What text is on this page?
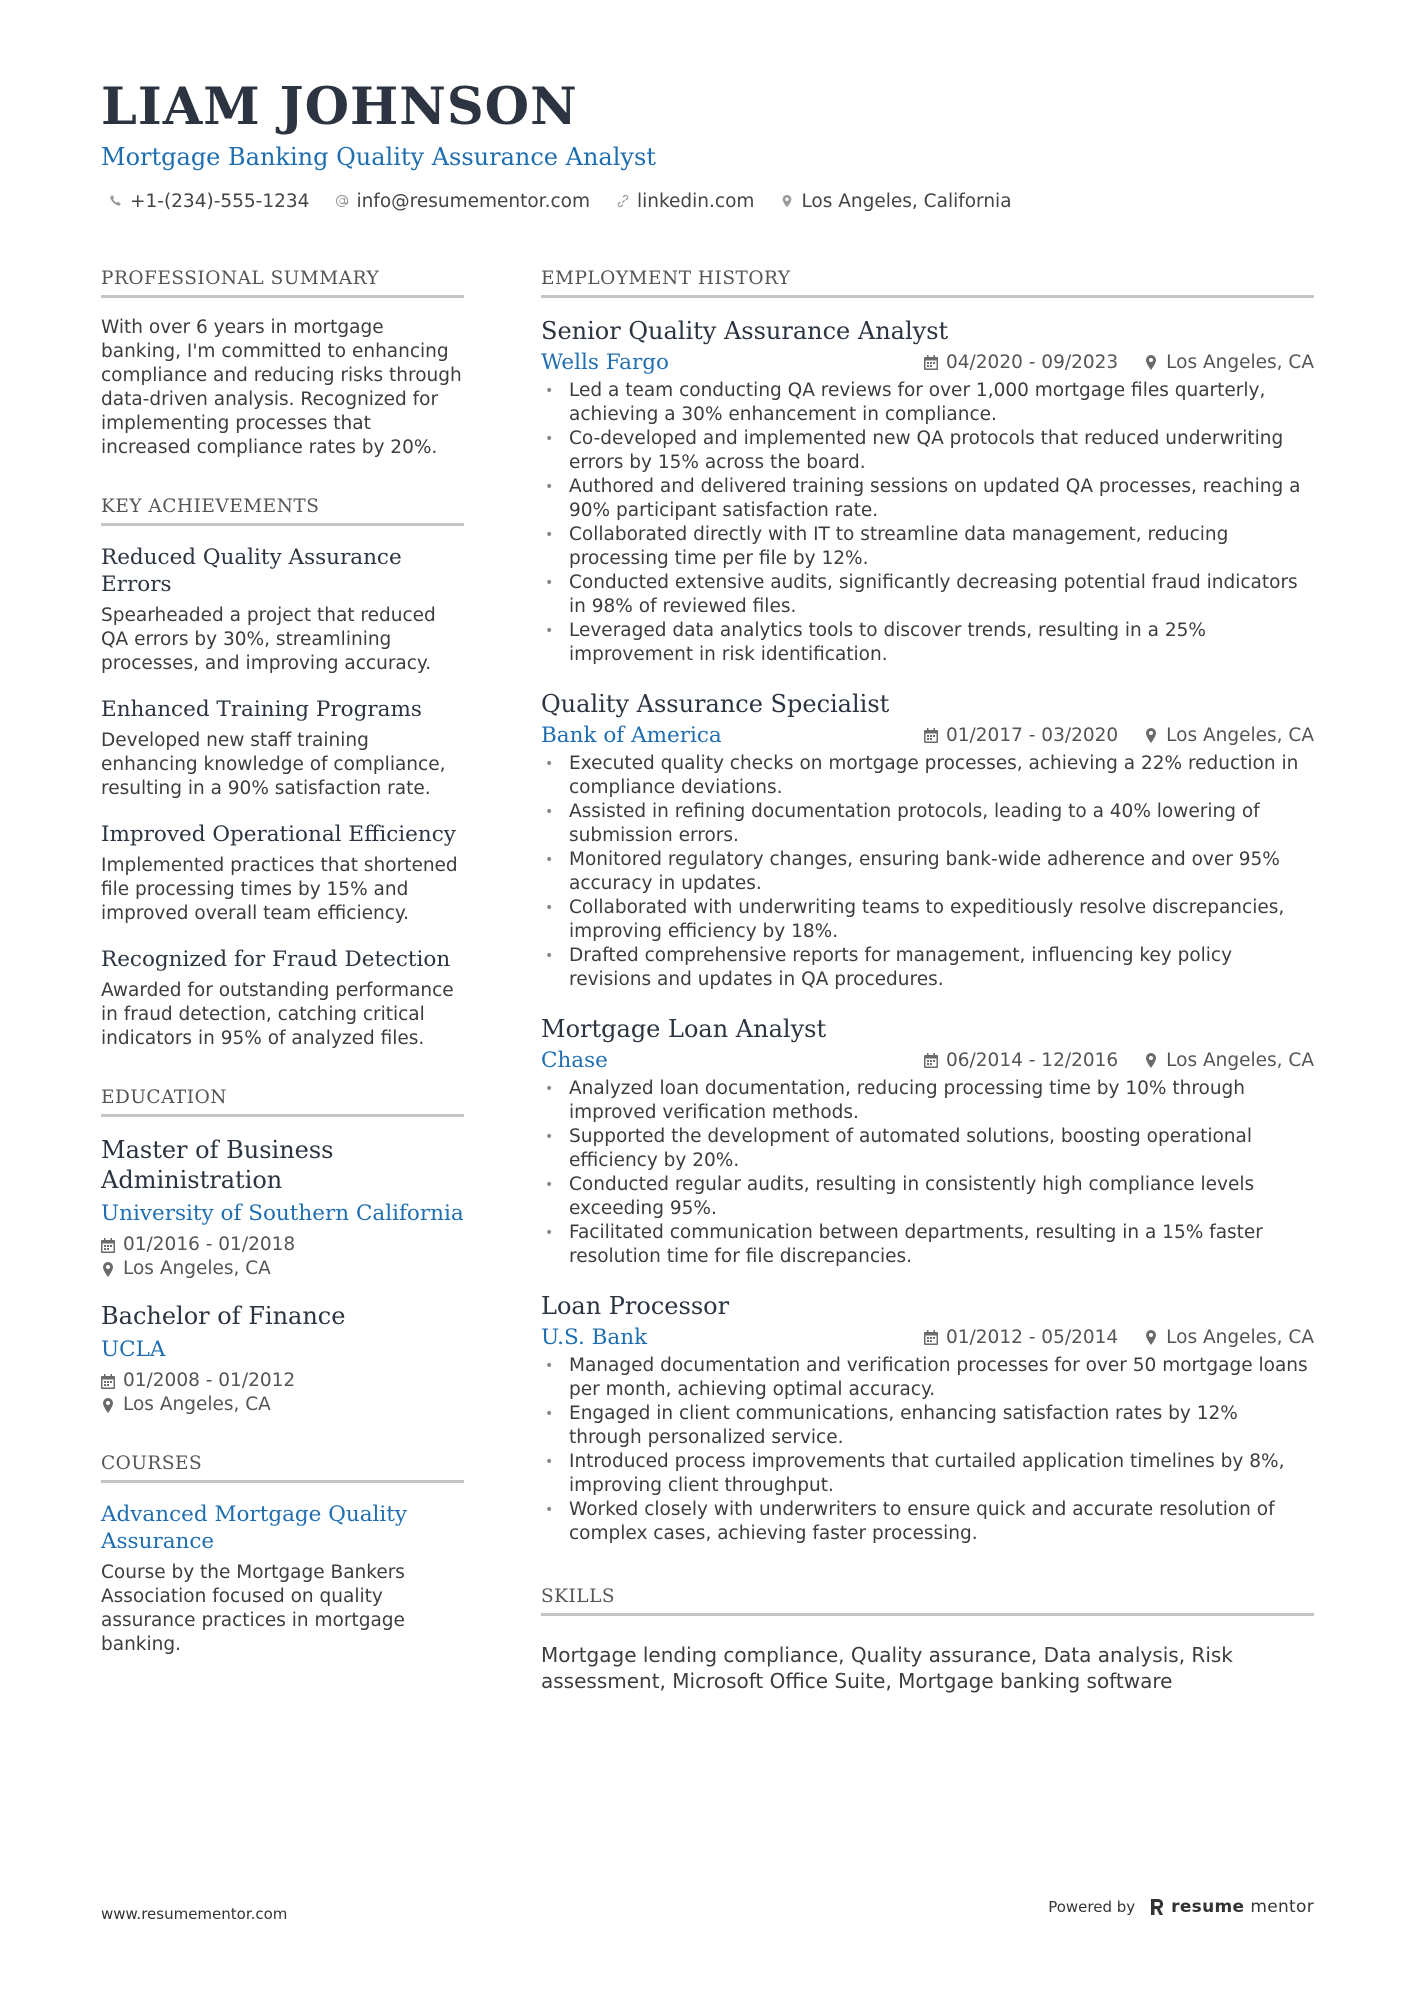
LIAM JOHNSON
Mortgage Banking Quality Assurance Analyst
+1-(234)-555-1234	info@resumementor.com	linkedin.com	Los Angeles, California
PROFESSIONAL SUMMARY
With over 6 years in mortgage banking, I'm committed to enhancing compliance and reducing risks through data-driven analysis. Recognized for implementing processes that increased compliance rates by 20%.
KEY ACHIEVEMENTS
Reduced Quality Assurance Errors
Spearheaded a project that reduced QA errors by 30%, streamlining processes, and improving accuracy.
Enhanced Training Programs
Developed new staff training enhancing knowledge of compliance, resulting in a 90% satisfaction rate.
Improved Operational Efficiency
Implemented practices that shortened file processing times by 15% and improved overall team efficiency.
Recognized for Fraud Detection
Awarded for outstanding performance in fraud detection, catching critical indicators in 95% of analyzed files.
EDUCATION
Master of Business Administration
University of Southern California
01/2016 - 01/2018
Los Angeles, CA
Bachelor of Finance
UCLA
01/2008 - 01/2012
Los Angeles, CA
COURSES
Advanced Mortgage Quality Assurance
Course by the Mortgage Bankers Association focused on quality assurance practices in mortgage banking.
EMPLOYMENT HISTORY
Senior Quality Assurance Analyst
Wells Fargo	04/2020 - 09/2023	Los Angeles, CA
• Led a team conducting QA reviews for over 1,000 mortgage files quarterly, achieving a 30% enhancement in compliance.
• Co-developed and implemented new QA protocols that reduced underwriting errors by 15% across the board.
• Authored and delivered training sessions on updated QA processes, reaching a 90% participant satisfaction rate.
• Collaborated directly with IT to streamline data management, reducing processing time per file by 12%.
• Conducted extensive audits, significantly decreasing potential fraud indicators in 98% of reviewed files.
• Leveraged data analytics tools to discover trends, resulting in a 25% improvement in risk identification.
Quality Assurance Specialist
Bank of America	01/2017 - 03/2020	Los Angeles, CA
• Executed quality checks on mortgage processes, achieving a 22% reduction in compliance deviations.
• Assisted in refining documentation protocols, leading to a 40% lowering of submission errors.
• Monitored regulatory changes, ensuring bank-wide adherence and over 95% accuracy in updates.
• Collaborated with underwriting teams to expeditiously resolve discrepancies, improving efficiency by 18%.
• Drafted comprehensive reports for management, influencing key policy revisions and updates in QA procedures.
Mortgage Loan Analyst
Chase	06/2014 - 12/2016	Los Angeles, CA
• Analyzed loan documentation, reducing processing time by 10% through improved verification methods.
• Supported the development of automated solutions, boosting operational efficiency by 20%.
• Conducted regular audits, resulting in consistently high compliance levels exceeding 95%.
• Facilitated communication between departments, resulting in a 15% faster resolution time for file discrepancies.
Loan Processor
U.S. Bank	01/2012 - 05/2014	Los Angeles, CA
• Managed documentation and verification processes for over 50 mortgage loans per month, achieving optimal accuracy.
• Engaged in client communications, enhancing satisfaction rates by 12% through personalized service.
• Introduced process improvements that curtailed application timelines by 8%, improving client throughput.
• Worked closely with underwriters to ensure quick and accurate resolution of complex cases, achieving faster processing.
SKILLS
Mortgage lending compliance, Quality assurance, Data analysis, Risk assessment, Microsoft Office Suite, Mortgage banking software
www.resumementor.com	Powered by resume mentor
